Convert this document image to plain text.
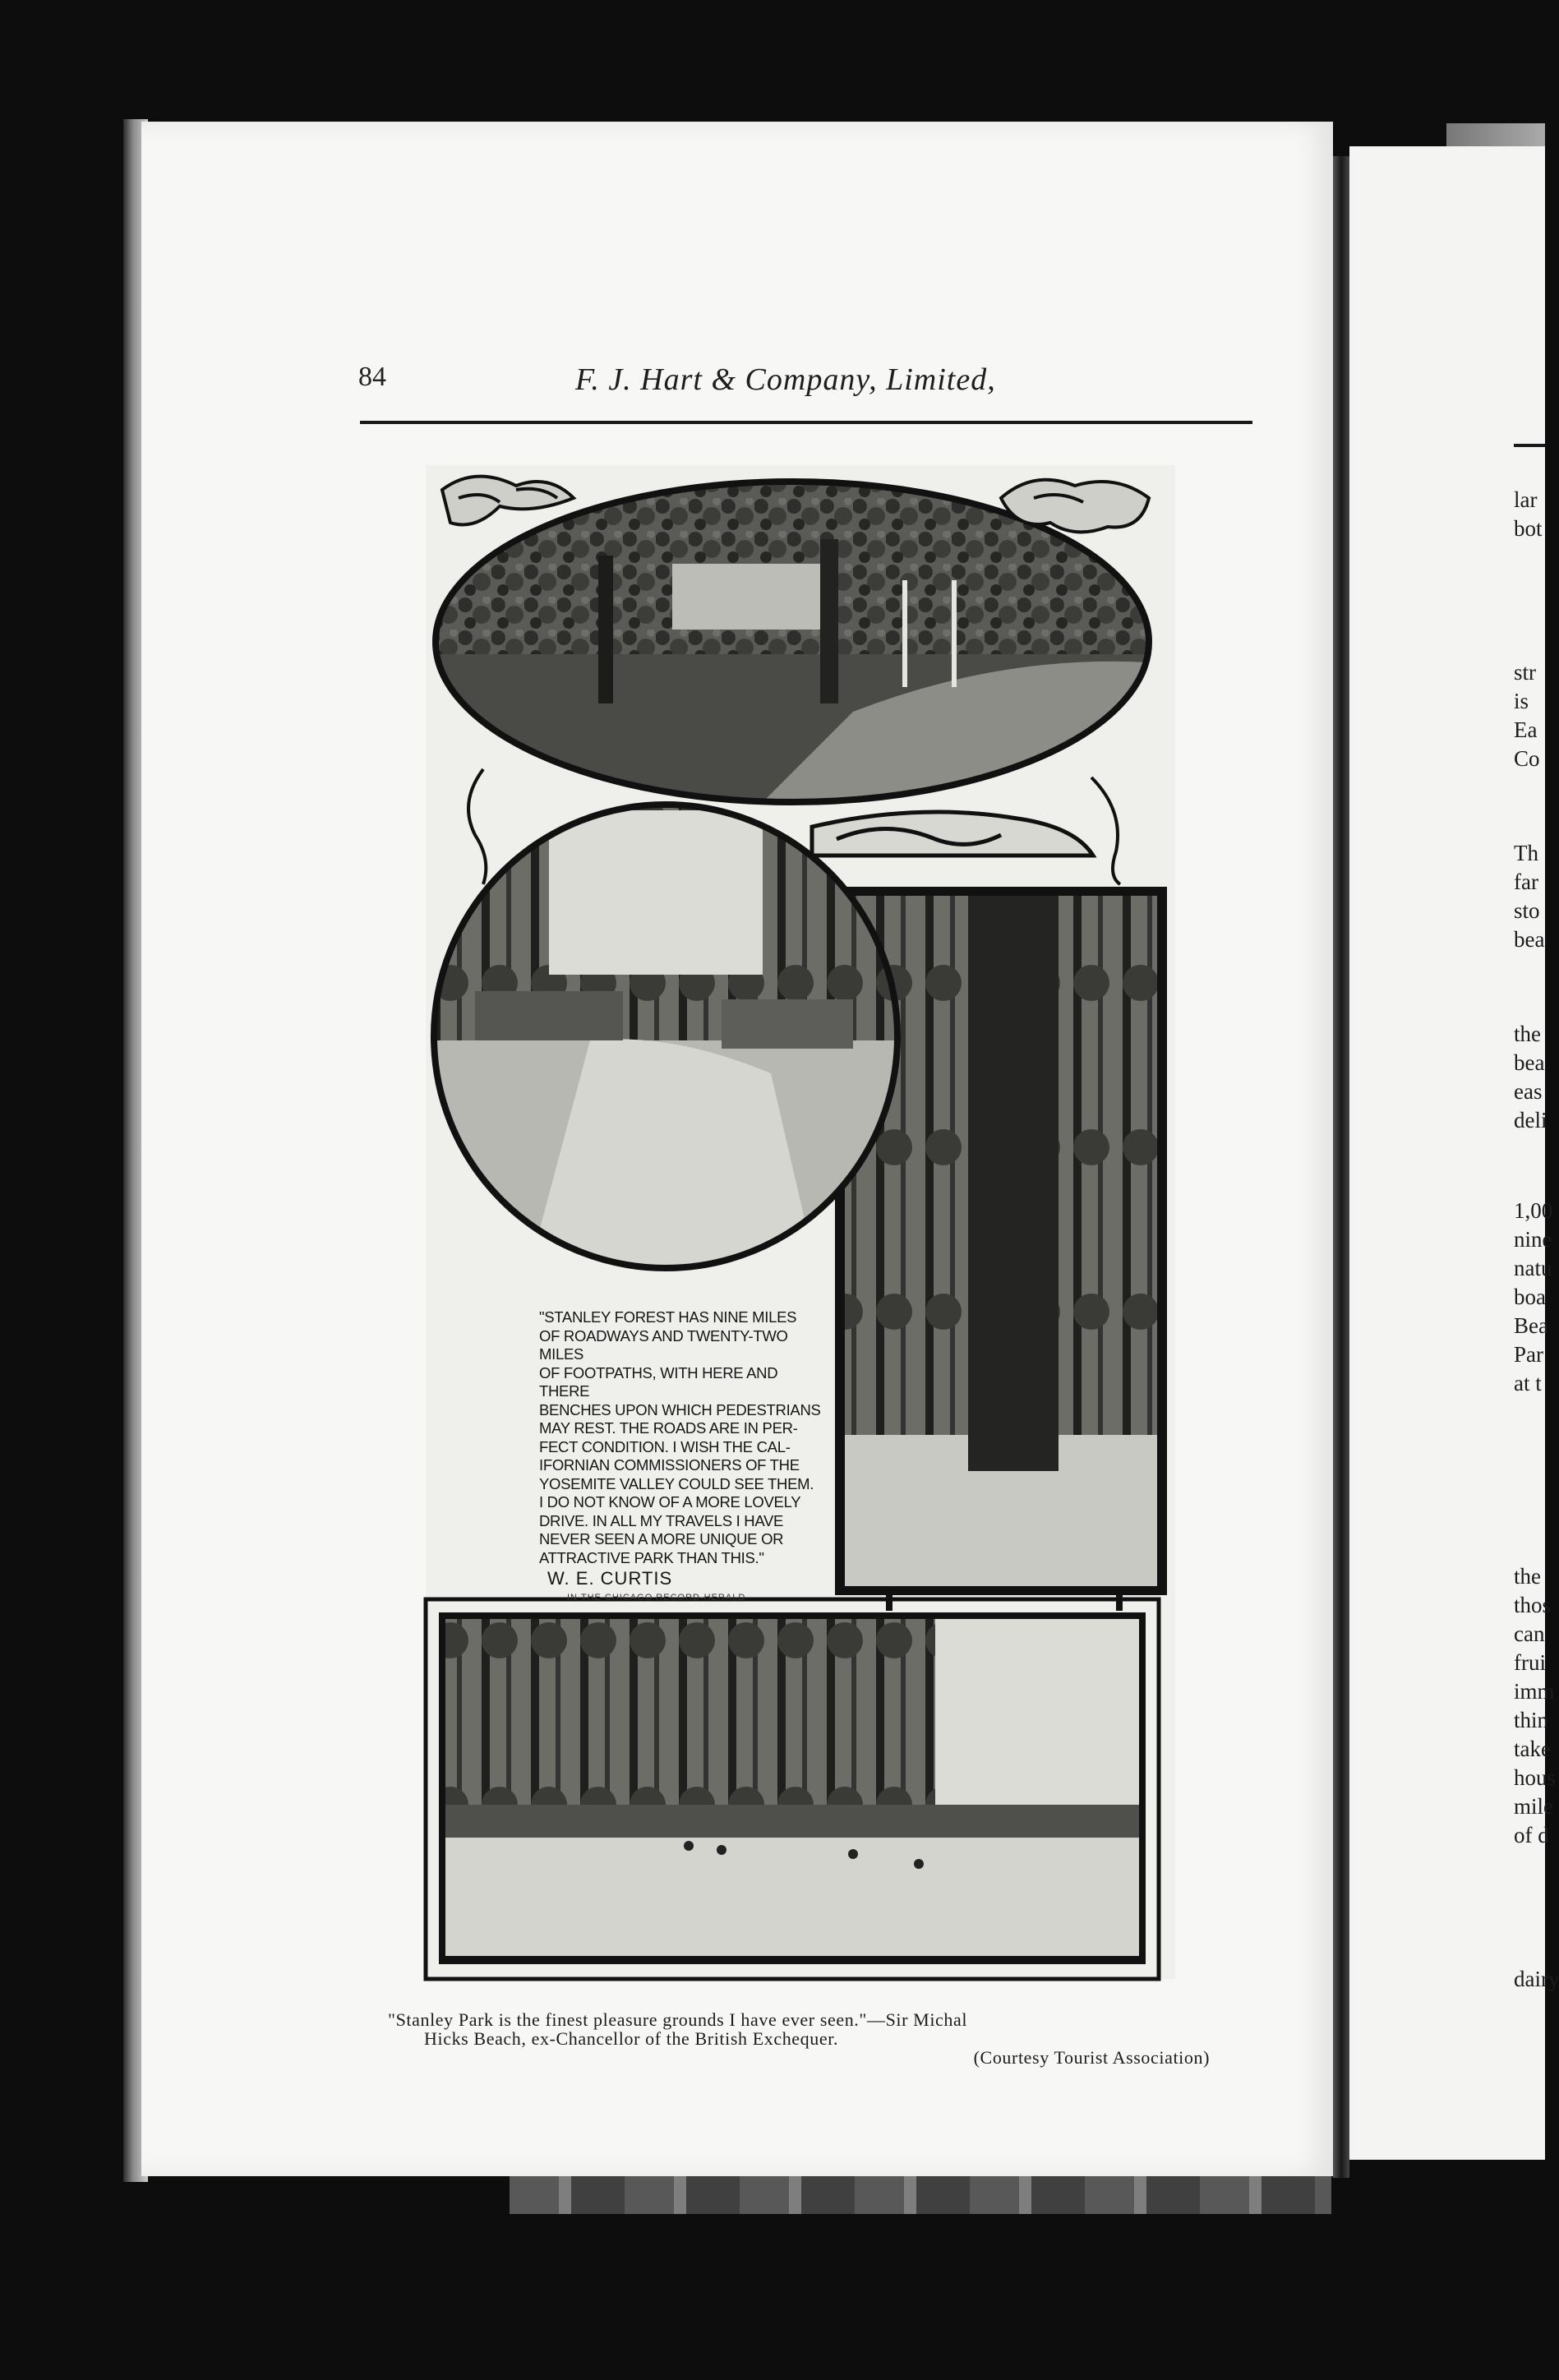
84	F. J. Hart & Company, Limited,
"STANLEY FOREST HAS NINE MILES
OF ROADWAYS AND TWENTY-TWO MILES
OF FOOTPATHS, WITH HERE AND THERE
BENCHES UPON WHICH PEDESTRIANS
MAY REST. THE ROADS ARE IN PER-
FECT CONDITION. I WISH THE CAL-
IFORNIAN COMMISSIONERS OF THE
YOSEMITE VALLEY COULD SEE THEM.
I DO NOT KNOW OF A MORE LOVELY
DRIVE. IN ALL MY TRAVELS I HAVE
NEVER SEEN A MORE UNIQUE OR
ATTRACTIVE PARK THAN THIS."
W. E. CURTIS
IN THE CHICAGO RECORD-HERALD
"Stanley Park is the finest pleasure grounds I have ever seen."—Sir Michal
Hicks Beach, ex-Chancellor of the British Exchequer.
(Courtesy Tourist Association)
lar
bot
str
is
Ea
Co
Th
far
sto
bea
the
bea
eas
deli
1,00
nine
natu
boa
Bea
Par
at t
the
thos
can
frui
imm
thin
take
hous
mile
of d
dairy
